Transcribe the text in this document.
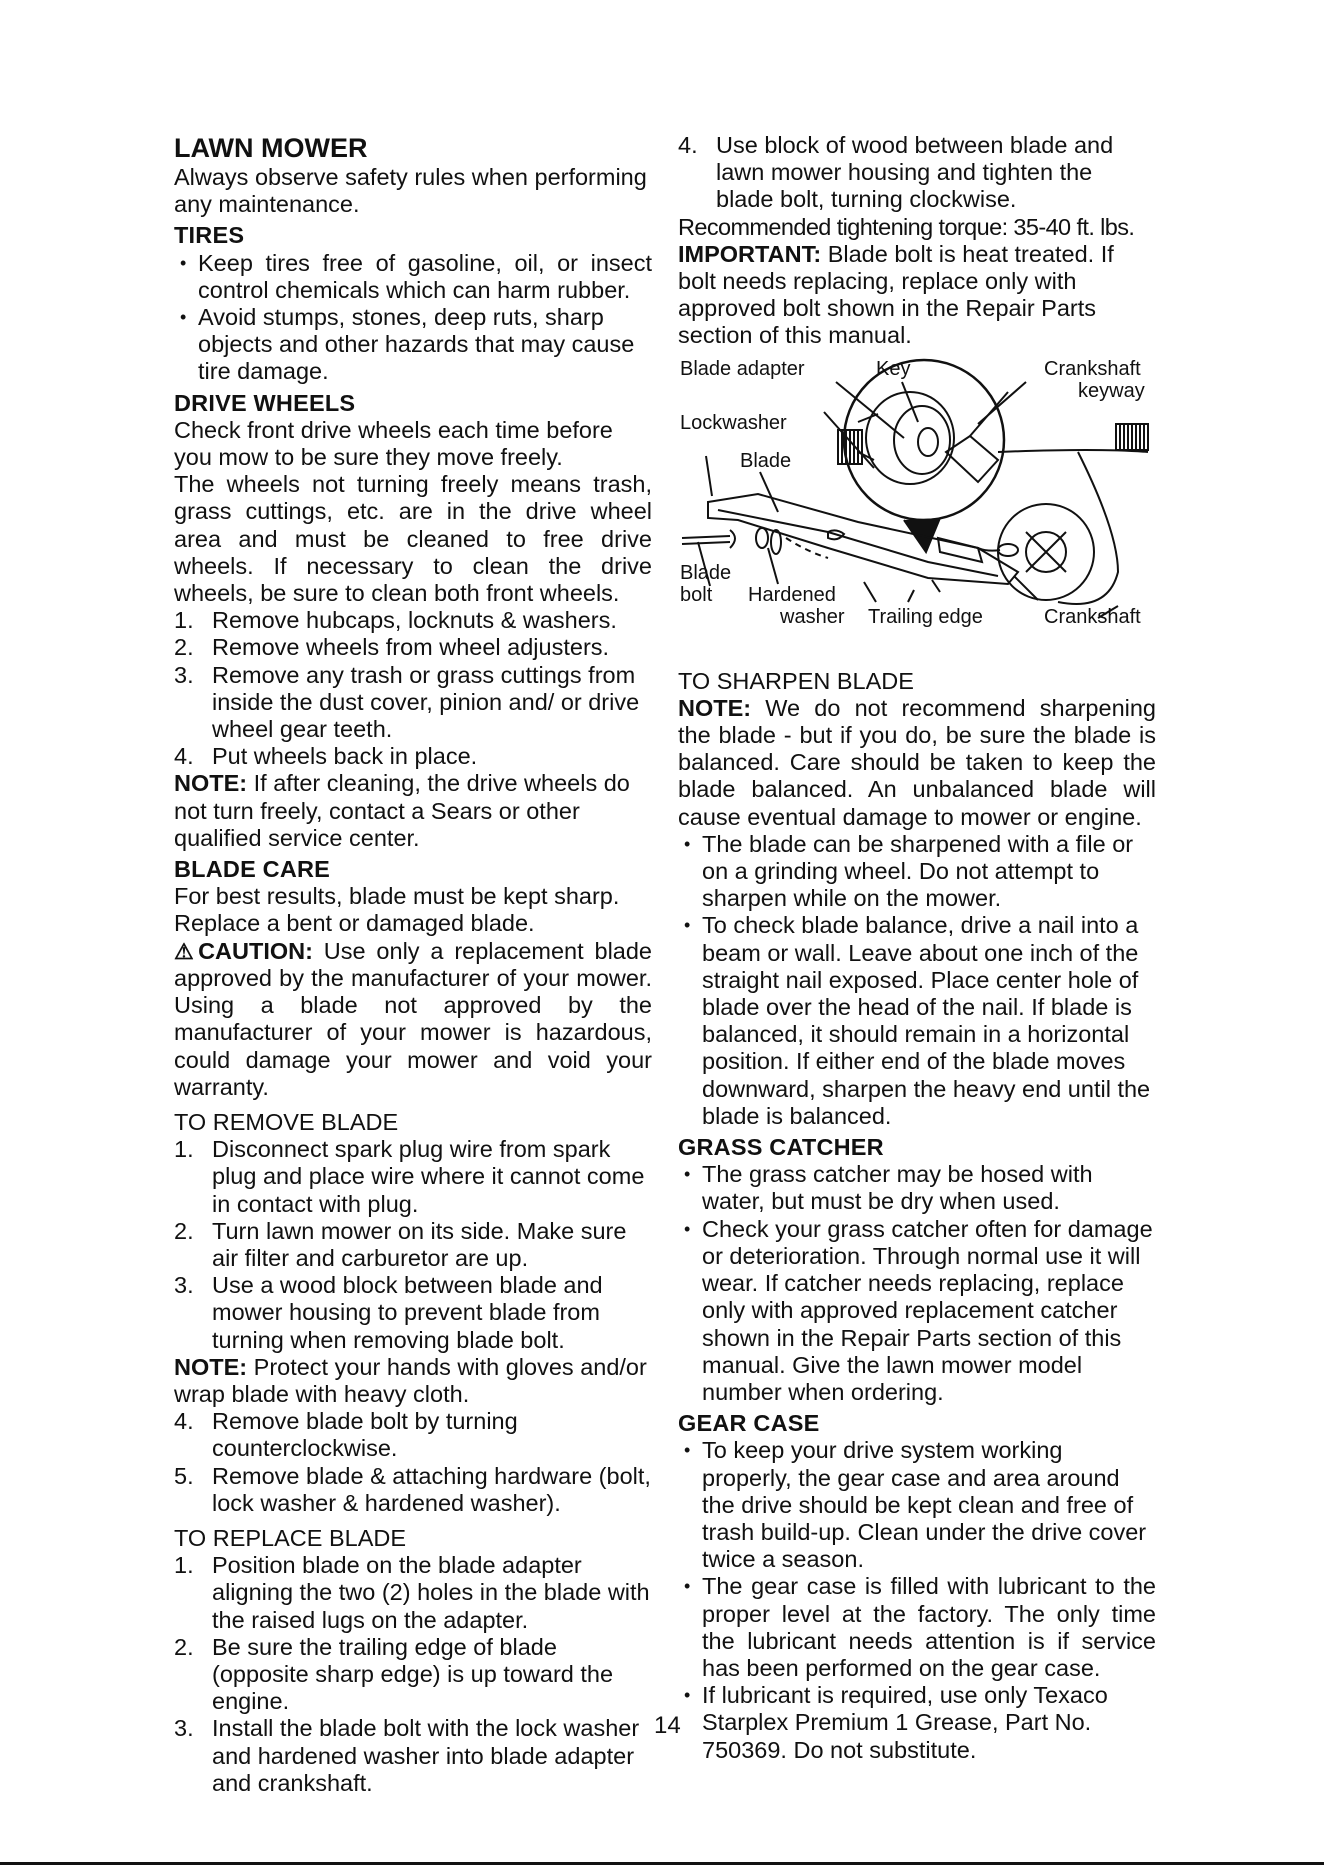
LAWN MOWER

Always observe safety rules when performing any maintenance.

TIRES
• Keep tires free of gasoline, oil, or insect control chemicals which can harm rubber.
• Avoid stumps, stones, deep ruts, sharp objects and other hazards that may cause tire damage.
DRIVE WHEELS

Check front drive wheels each time before you mow to be sure they move freely.

The wheels not turning freely means trash, grass cuttings, etc. are in the drive wheel area and must be cleaned to free drive wheels. If necessary to clean the drive wheels, be sure to clean both front wheels.

1. Remove hubcaps, locknuts & washers.
2. Remove wheels from wheel adjusters.
3. Remove any trash or grass cuttings from inside the dust cover, pinion and/ or drive wheel gear teeth.
4. Put wheels back in place.

NOTE: If after cleaning, the drive wheels do not turn freely, contact a Sears or other qualified service center.

BLADE CARE

For best results, blade must be kept sharp. Replace a bent or damaged blade.

⚠CAUTION: Use only a replacement blade approved by the manufacturer of your mower. Using a blade not approved by the manufacturer of your mower is hazardous, could damage your mower and void your warranty.

TO REMOVE BLADE
1. Disconnect spark plug wire from spark plug and place wire where it cannot come in contact with plug.
2. Turn lawn mower on its side. Make sure air filter and carburetor are up.
3. Use a wood block between blade and mower housing to prevent blade from turning when removing blade bolt.

NOTE: Protect your hands with gloves and/or wrap blade with heavy cloth.

4. Remove blade bolt by turning counterclockwise.
5. Remove blade & attaching hardware (bolt, lock washer & hardened washer).
TO REPLACE BLADE
1. Position blade on the blade adapter aligning the two (2) holes in the blade with the raised lugs on the adapter.
2. Be sure the trailing edge of blade (opposite sharp edge) is up toward the engine.
3. Install the blade bolt with the lock washer and hardened washer into blade adapter and crankshaft.
4. Use block of wood between blade and lawn mower housing and tighten the blade bolt, turning clockwise.

Recommended tightening torque: 35-40 ft. lbs.

IMPORTANT: Blade bolt is heat treated. If bolt needs replacing, replace only with approved bolt shown in the Repair Parts section of this manual.

Blade adapter	Key	Crankshaft
keyway
Lockwasher
Blade
Blade
bolt Hardened
washer Trailing edge	Crankshaft
TO SHARPEN BLADE

NOTE: We do not recommend sharpening the blade - but if you do, be sure the blade is balanced. Care should be taken to keep the blade balanced. An unbalanced blade will cause eventual damage to mower or engine.

• The blade can be sharpened with a file or on a grinding wheel. Do not attempt to sharpen while on the mower.
• To check blade balance, drive a nail into a beam or wall. Leave about one inch of the straight nail exposed. Place center hole of blade over the head of the nail. If blade is balanced, it should remain in a horizontal position. If either end of the blade moves downward, sharpen the heavy end until the blade is balanced.
GRASS CATCHER
• The grass catcher may be hosed with water, but must be dry when used.
• Check your grass catcher often for damage or deterioration. Through normal use it will wear. If catcher needs replacing, replace only with approved replacement catcher shown in the Repair Parts section of this manual. Give the lawn mower model number when ordering.
GEAR CASE
• To keep your drive system working properly, the gear case and area around the drive should be kept clean and free of trash build-up. Clean under the drive cover twice a season.
• The gear case is filled with lubricant to the proper level at the factory. The only time the lubricant needs attention is if service has been performed on the gear case.
• If lubricant is required, use only Texaco Starplex Premium 1 Grease, Part No. 750369. Do not substitute.
14
